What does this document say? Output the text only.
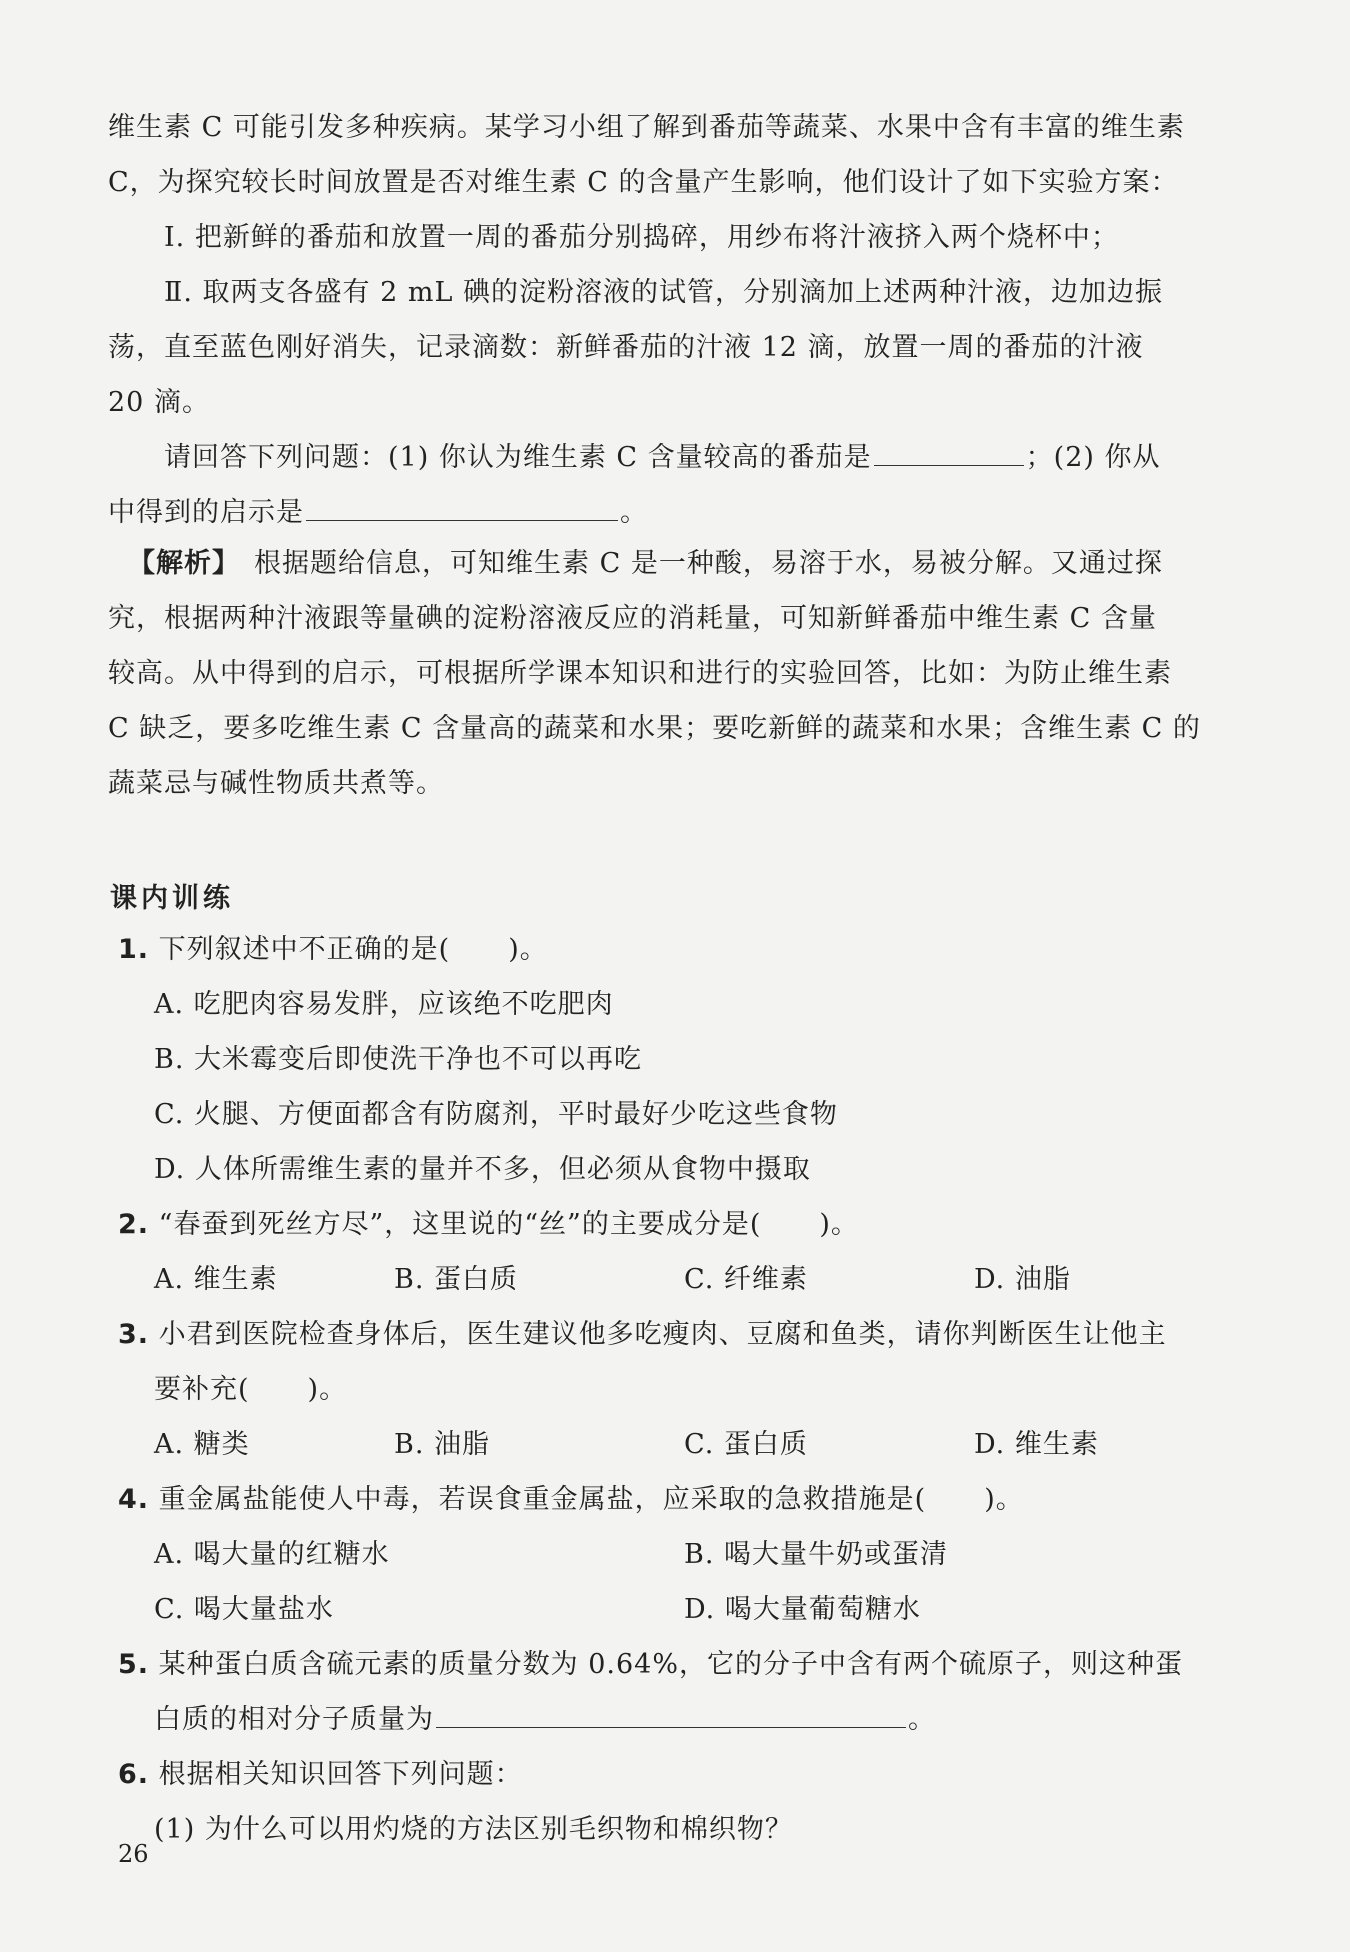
维生素 C 可能引发多种疾病。某学习小组了解到番茄等蔬菜、水果中含有丰富的维生素
C，为探究较长时间放置是否对维生素 C 的含量产生影响，他们设计了如下实验方案：
Ⅰ. 把新鲜的番茄和放置一周的番茄分别捣碎，用纱布将汁液挤入两个烧杯中；
Ⅱ. 取两支各盛有 2 mL 碘的淀粉溶液的试管，分别滴加上述两种汁液，边加边振
荡，直至蓝色刚好消失，记录滴数：新鲜番茄的汁液 12 滴，放置一周的番茄的汁液
20 滴。
请回答下列问题：(1) 你认为维生素 C 含量较高的番茄是	；(2) 你从
中得到的启示是	。
【解析】 根据题给信息，可知维生素 C 是一种酸，易溶于水，易被分解。又通过探
究，根据两种汁液跟等量碘的淀粉溶液反应的消耗量，可知新鲜番茄中维生素 C 含量
较高。从中得到的启示，可根据所学课本知识和进行的实验回答，比如：为防止维生素
C 缺乏，要多吃维生素 C 含量高的蔬菜和水果；要吃新鲜的蔬菜和水果；含维生素 C 的
蔬菜忌与碱性物质共煮等。
课内训练
1. 下列叙述中不正确的是( )。
A. 吃肥肉容易发胖，应该绝不吃肥肉
B. 大米霉变后即使洗干净也不可以再吃
C. 火腿、方便面都含有防腐剂，平时最好少吃这些食物
D. 人体所需维生素的量并不多，但必须从食物中摄取
2. “春蚕到死丝方尽”，这里说的“丝”的主要成分是( )。
A. 维生素	B. 蛋白质	C. 纤维素	D. 油脂
3. 小君到医院检查身体后，医生建议他多吃瘦肉、豆腐和鱼类，请你判断医生让他主
要补充( )。
A. 糖类	B. 油脂	C. 蛋白质	D. 维生素
4. 重金属盐能使人中毒，若误食重金属盐，应采取的急救措施是( )。
A. 喝大量的红糖水	B. 喝大量牛奶或蛋清
C. 喝大量盐水	D. 喝大量葡萄糖水
5. 某种蛋白质含硫元素的质量分数为 0.64%，它的分子中含有两个硫原子，则这种蛋
白质的相对分子质量为	。
6. 根据相关知识回答下列问题：
(1) 为什么可以用灼烧的方法区别毛织物和棉织物？
26
